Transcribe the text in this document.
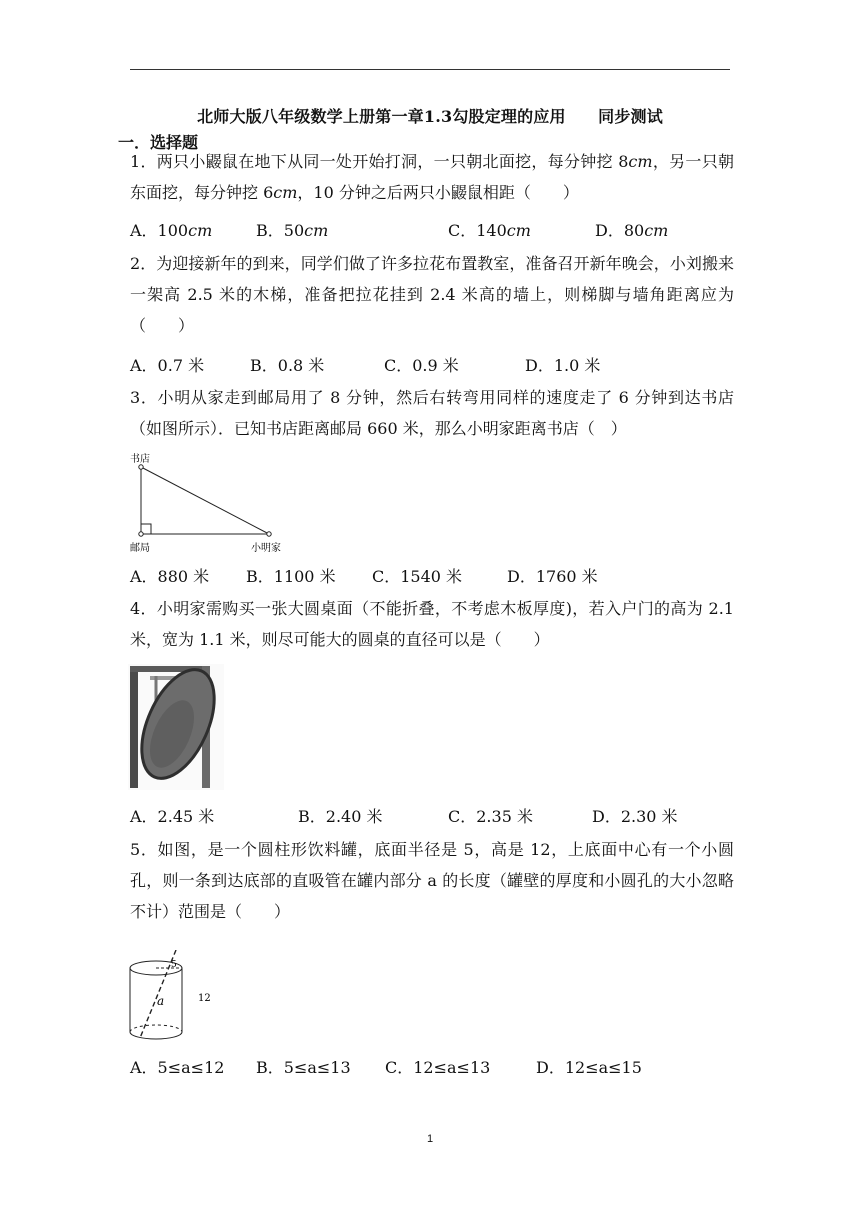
北师大版八年级数学上册第一章1.3勾股定理的应用　　同步测试
一．选择题
1．两只小鼹鼠在地下从同一处开始打洞，一只朝北面挖，每分钟挖 8cm，另一只朝东面挖，每分钟挖 6cm，10 分钟之后两只小鼹鼠相距（　　）
A．100cm	B．50cm	C．140cm	D．80cm
2．为迎接新年的到来，同学们做了许多拉花布置教室，准备召开新年晚会，小刘搬来一架高 2.5 米的木梯，准备把拉花挂到 2.4 米高的墙上，则梯脚与墙角距离应为（　　）
A．0.7 米	B．0.8 米	C．0.9 米	D．1.0 米
3．小明从家走到邮局用了 8 分钟，然后右转弯用同样的速度走了 6 分钟到达书店（如图所示）．已知书店距离邮局 660 米，那么小明家距离书店（　）
书店
邮局	小明家
A．880 米 B．1100 米 C．1540 米	D．1760 米
4．小明家需购买一张大圆桌面（不能折叠，不考虑木板厚度)，若入户门的高为 2.1 米，宽为 1.1 米，则尽可能大的圆桌的直径可以是（　　）
A．2.45 米	B．2.40 米	C．2.35 米	D．2.30 米
5．如图，是一个圆柱形饮料罐，底面半径是 5，高是 12，上底面中心有一个小圆孔，则一条到达底部的直吸管在罐内部分 a 的长度（罐壁的厚度和小圆孔的大小忽略不计）范围是（　　）
5
12
a
A．5≤a≤12 B．5≤a≤13 C．12≤a≤13	D．12≤a≤15
1
